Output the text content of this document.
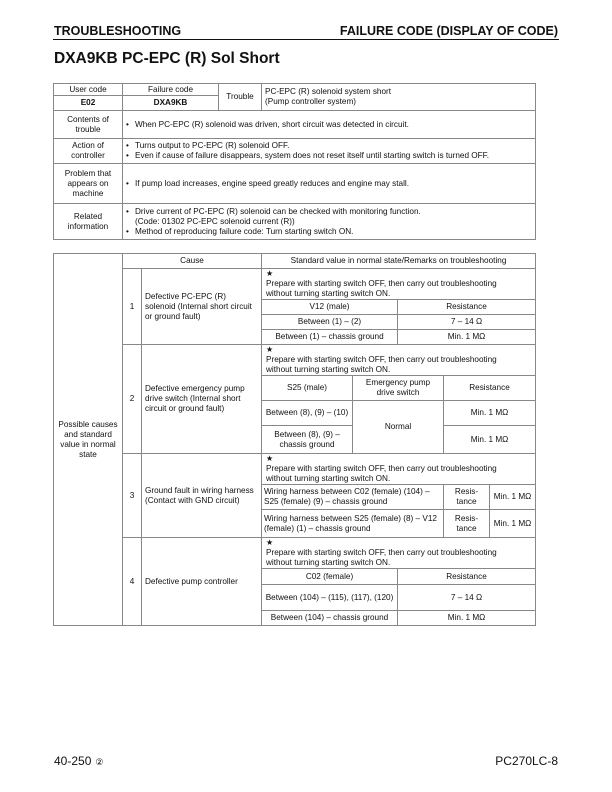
TROUBLESHOOTING	FAILURE CODE (DISPLAY OF CODE)
DXA9KB PC-EPC (R) Sol Short
User code	Failure code	Trouble	PC-EPC (R) solenoid system short
(Pump controller system)

E02	DXA9KB		
Contents of trouble	• When PC-EPC (R) solenoid was driven, short circuit was detected in circuit.		

Action of controller	• Turns output to PC-EPC (R) solenoid OFF.
• Even if cause of failure disappears, system does not reset itself until starting switch is turned OFF.		

Problem that appears on machine	• If pump load increases, engine speed greatly reduces and engine may stall.		

Related information	• Drive current of PC-EPC (R) solenoid can be checked with monitoring function.
(Code: 01302 PC-EPC solenoid current (R))
• Method of reproducing failure code: Turn starting switch ON.		
Possible causes and standard value in normal state	Cause		Standard value in normal state/Remarks on troubleshooting				
	1	Defective PC-EPC (R) solenoid (Internal short circuit or ground fault)	★Prepare with starting switch OFF, then carry out troubleshooting without turning starting switch ON.				
			V12 (male)		Resistance		
			Between (1) – (2)		7 – 14 Ω		
			Between (1) – chassis ground		Min. 1 MΩ		
	2	Defective emergency pump drive switch (Internal short circuit or ground fault)	★Prepare with starting switch OFF, then carry out troubleshooting without turning starting switch ON.				
			S25 (male)	Emergency pump drive switch		Resistance	
			Between (8), (9) – (10)	Normal		Min. 1 MΩ	
			Between (8), (9) – chassis ground			Min. 1 MΩ	
	3	Ground fault in wiring harness (Contact with GND circuit)	★Prepare with starting switch OFF, then carry out troubleshooting without turning starting switch ON.				
			Wiring harness between C02 (female) (104) – S25 (female) (9) – chassis ground			Resis-tance	Min. 1 MΩ
			Wiring harness between S25 (female) (8) – V12 (female) (1) – chassis ground			Resis-tance	Min. 1 MΩ
	4	Defective pump controller	★Prepare with starting switch OFF, then carry out troubleshooting without turning starting switch ON.				
			C02 (female)		Resistance		
			Between (104) – (115), (117), (120)		7 – 14 Ω		
			Between (104) – chassis ground		Min. 1 MΩ		
40-250 ②	PC270LC-8
